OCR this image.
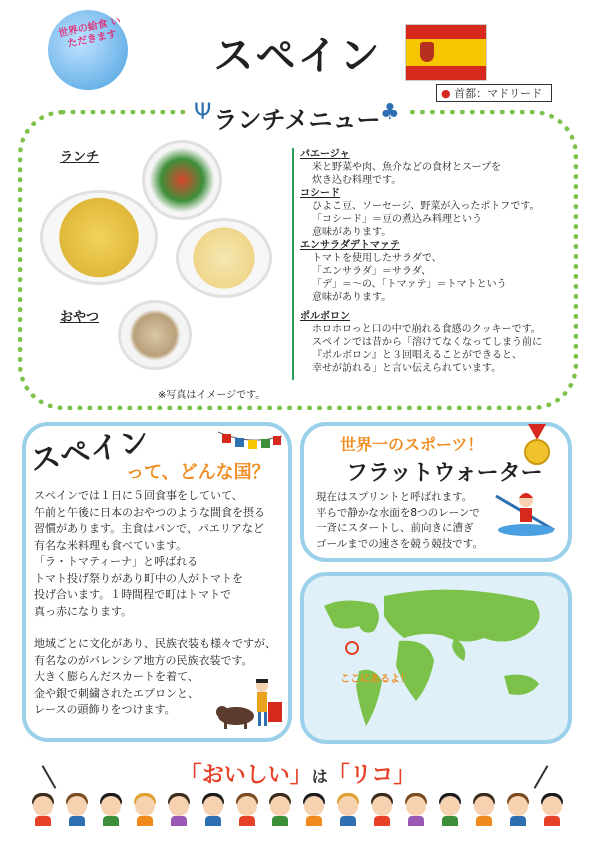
世界の給食 いただきます	スペイン
● 首都：マドリード
ランチメニュー
Ψ	♣
ランチ
おやつ
パエージャ
米と野菜や肉、魚介などの食材とスープを
炊き込む料理です。
コシード
ひよこ豆、ソーセージ、野菜が入ったポトフです。
「コシード」＝豆の煮込み料理という
意味があります。
エンサラダデトマァテ
トマトを使用したサラダで、
「エンサラダ」＝サラダ、
「デ」＝～の、「トマァテ」＝トマトという
意味があります。
ポルボロン
ホロホロっと口の中で崩れる食感のクッキーです。
スペインでは昔から「溶けてなくなってしまう前に
『ポルボロン』と３回唱えることができると、
幸せが訪れる」と言い伝えられています。
※写真はイメージです。
スペイン
って、どんな国？

スペインでは１日に５回食事をしていて、

午前と午後に日本のおやつのような間食を摂る

習慣があります。主食はパンで、パエリアなど

有名な米料理も食べています。

「ラ・トマティーナ」と呼ばれる

トマト投げ祭りがあり町中の人がトマトを

投げ合います。１時間程で町はトマトで

真っ赤になります。

地域ごとに文化があり、民族衣装も様々ですが、

有名なのがバレンシア地方の民族衣装です。

大きく膨らんだスカートを着て、

金や銀で刺繍されたエプロンと、

レースの頭飾りをつけます。

世界一のスポーツ！
フラットウォーター
現在はスプリントと呼ばれます。
平らで静かな水面を8つのレーンで
一斉にスタートし、前向きに漕ぎ
ゴールまでの速さを競う競技です。
ここにあるよ！
「おいしい」は「リコ」
